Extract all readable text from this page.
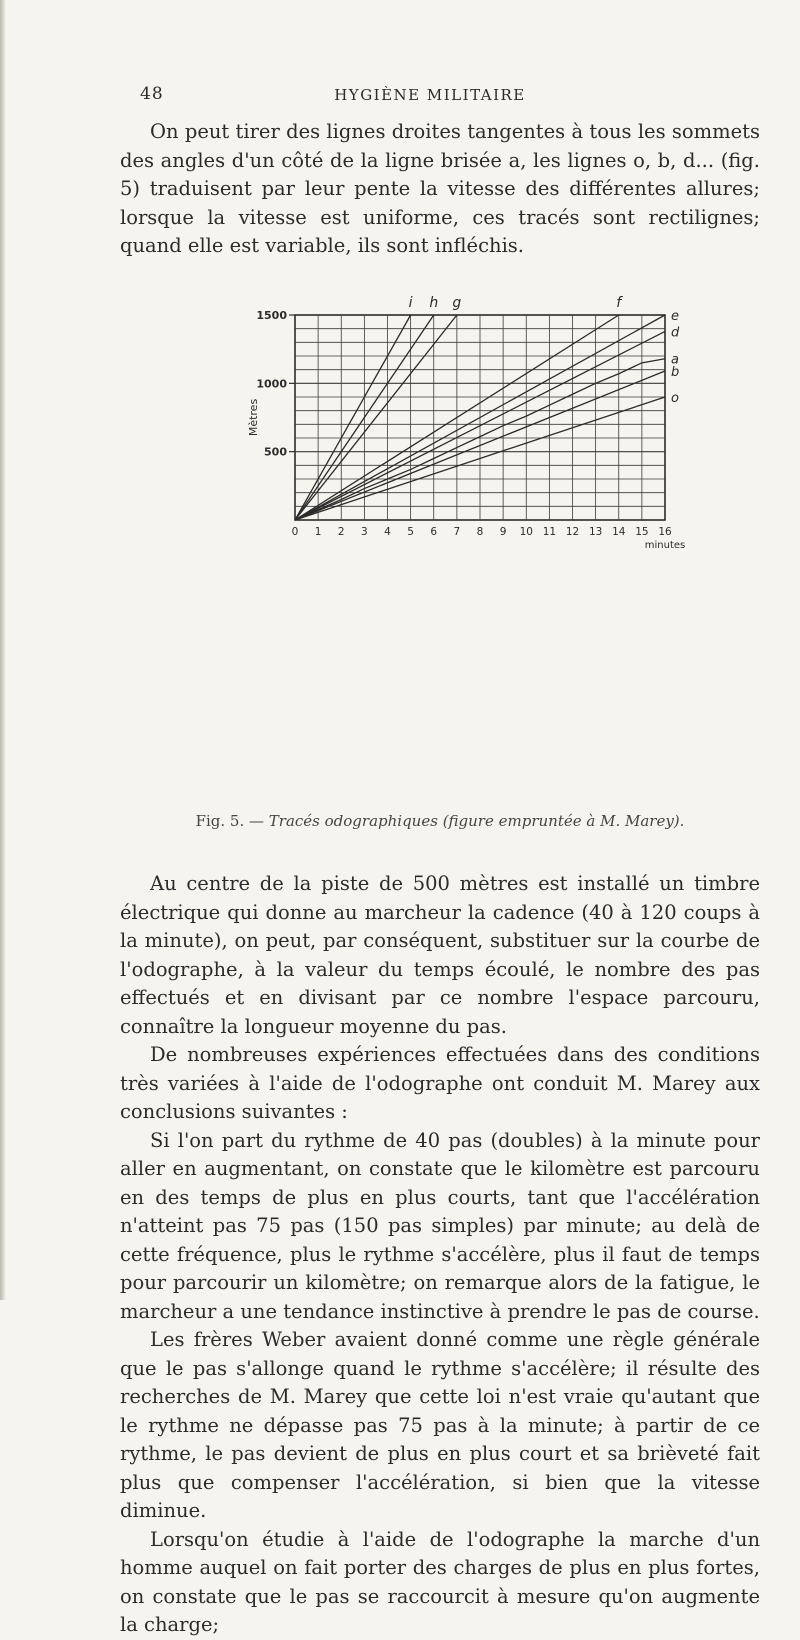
48	HYGIÈNE MILITAIRE

On peut tirer des lignes droites tangentes à tous les sommets des angles d'un côté de la ligne brisée a, les lignes o, b, d... (fig. 5) traduisent par leur pente la vitesse des différentes allures; lorsque la vitesse est uniforme, ces tracés sont rectilignes; quand elle est variable, ils sont infléchis.

1500
1000
500
Mètres
0 1 2 3 4 5 6 7 8 9 10 11 12 13 14 15 16
minutes
i h g	f
e
d
a
b
o
Fig. 5. — Tracés odographiques (figure empruntée à M. Marey).

Au centre de la piste de 500 mètres est installé un timbre électrique qui donne au marcheur la cadence (40 à 120 coups à la minute), on peut, par conséquent, substituer sur la courbe de l'odographe, à la valeur du temps écoulé, le nombre des pas effectués et en divisant par ce nombre l'espace parcouru, connaître la longueur moyenne du pas.

De nombreuses expériences effectuées dans des conditions très variées à l'aide de l'odographe ont conduit M. Marey aux conclusions suivantes :

Si l'on part du rythme de 40 pas (doubles) à la minute pour aller en augmentant, on constate que le kilomètre est parcouru en des temps de plus en plus courts, tant que l'accélération n'atteint pas 75 pas (150 pas simples) par minute; au delà de cette fréquence, plus le rythme s'accélère, plus il faut de temps pour parcourir un kilomètre; on remarque alors de la fatigue, le marcheur a une tendance instinctive à prendre le pas de course.

Les frères Weber avaient donné comme une règle générale que le pas s'allonge quand le rythme s'accélère; il résulte des recherches de M. Marey que cette loi n'est vraie qu'autant que le rythme ne dépasse pas 75 pas à la minute; à partir de ce rythme, le pas devient de plus en plus court et sa brièveté fait plus que compenser l'accélération, si bien que la vitesse diminue.

Lorsqu'on étudie à l'aide de l'odographe la marche d'un homme auquel on fait porter des charges de plus en plus fortes, on constate que le pas se raccourcit à mesure qu'on augmente la charge;
